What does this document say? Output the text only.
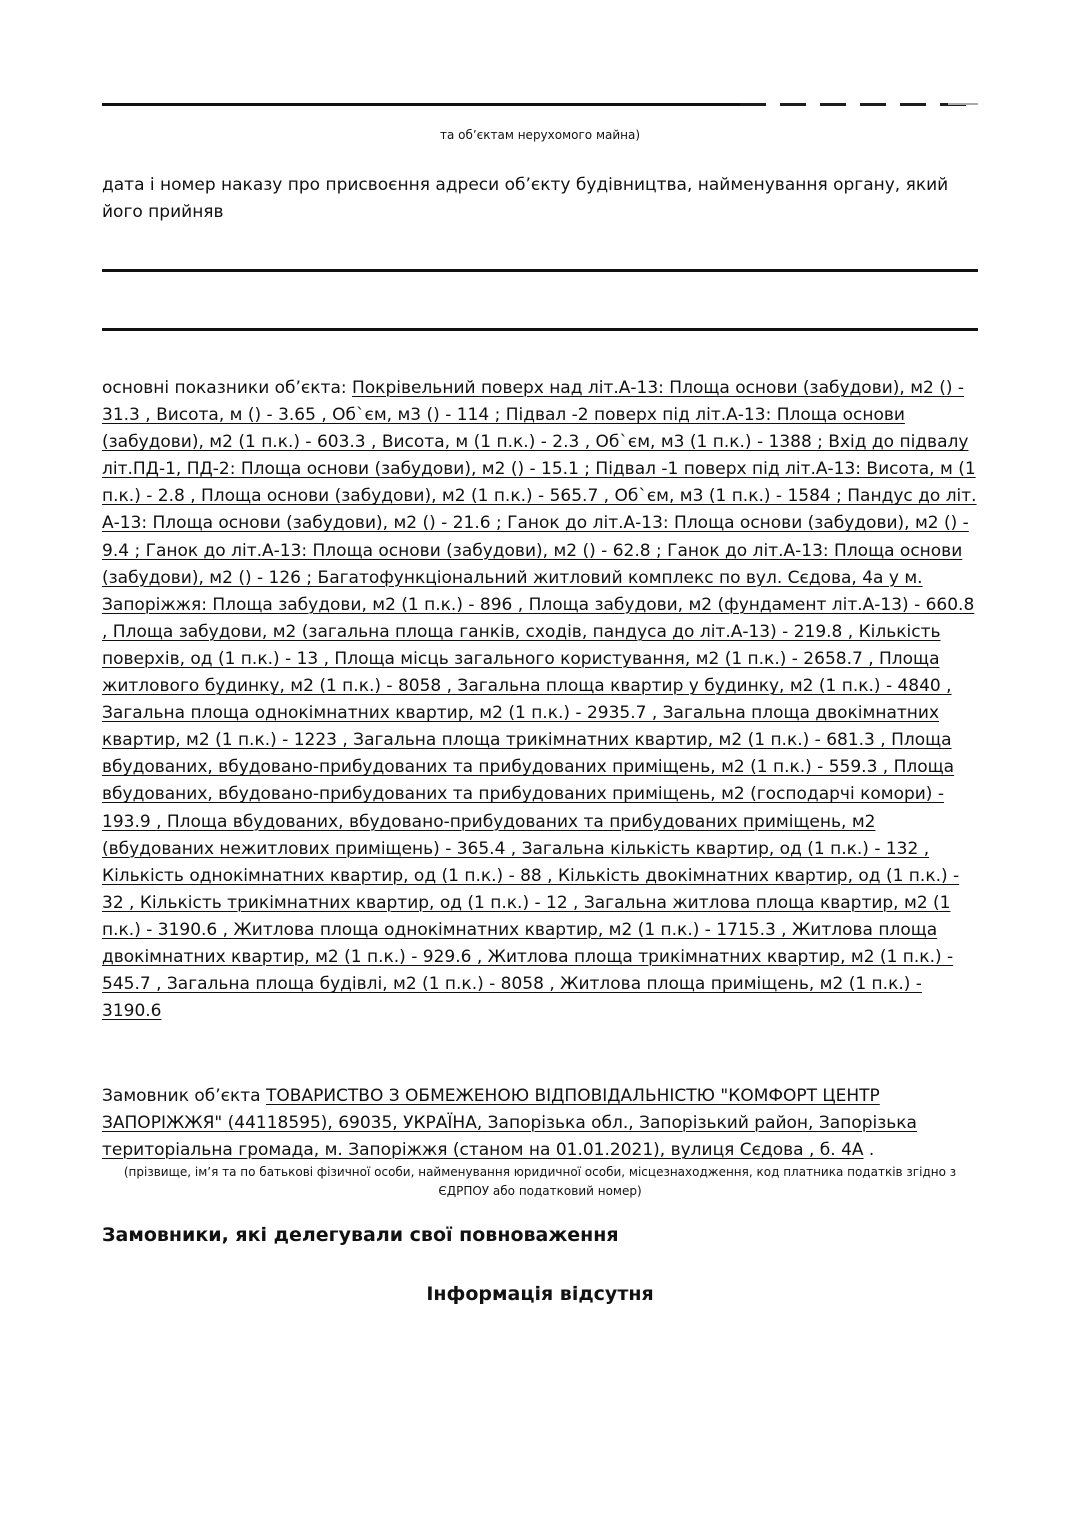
та об’єктам нерухомого майна)
дата і номер наказу про присвоєння адреси об’єкту будівництва, найменування органу, який його прийняв
основні показники об’єкта: Покрівельний поверх над літ.А-13: Площа основи (забудови), м2 () - 31.3 , Висота, м () - 3.65 , Об`єм, м3 () - 114 ; Підвал -2 поверх під літ.А-13: Площа основи (забудови), м2 (1 п.к.) - 603.3 , Висота, м (1 п.к.) - 2.3 , Об`єм, м3 (1 п.к.) - 1388 ; Вхід до підвалу літ.ПД-1, ПД-2: Площа основи (забудови), м2 () - 15.1 ; Підвал -1 поверх під літ.А-13: Висота, м (1 п.к.) - 2.8 , Площа основи (забудови), м2 (1 п.к.) - 565.7 , Об`єм, м3 (1 п.к.) - 1584 ; Пандус до літ. А-13: Площа основи (забудови), м2 () - 21.6 ; Ганок до літ.А-13: Площа основи (забудови), м2 () - 9.4 ; Ганок до літ.А-13: Площа основи (забудови), м2 () - 62.8 ; Ганок до літ.А-13: Площа основи (забудови), м2 () - 126 ; Багатофункціональний житловий комплекс по вул. Сєдова, 4а у м. Запоріжжя: Площа забудови, м2 (1 п.к.) - 896 , Площа забудови, м2 (фундамент літ.А-13) - 660.8 , Площа забудови, м2 (загальна площа ганків, сходів, пандуса до літ.А-13) - 219.8 , Кількість поверхів, од (1 п.к.) - 13 , Площа місць загального користування, м2 (1 п.к.) - 2658.7 , Площа житлового будинку, м2 (1 п.к.) - 8058 , Загальна площа квартир у будинку, м2 (1 п.к.) - 4840 , Загальна площа однокімнатних квартир, м2 (1 п.к.) - 2935.7 , Загальна площа двокімнатних квартир, м2 (1 п.к.) - 1223 , Загальна площа трикімнатних квартир, м2 (1 п.к.) - 681.3 , Площа вбудованих, вбудовано-прибудованих та прибудованих приміщень, м2 (1 п.к.) - 559.3 , Площа вбудованих, вбудовано-прибудованих та прибудованих приміщень, м2 (господарчі комори) - 193.9 , Площа вбудованих, вбудовано-прибудованих та прибудованих приміщень, м2 (вбудованих нежитлових приміщень) - 365.4 , Загальна кількість квартир, од (1 п.к.) - 132 , Кількість однокімнатних квартир, од (1 п.к.) - 88 , Кількість двокімнатних квартир, од (1 п.к.) - 32 , Кількість трикімнатних квартир, од (1 п.к.) - 12 , Загальна житлова площа квартир, м2 (1 п.к.) - 3190.6 , Житлова площа однокімнатних квартир, м2 (1 п.к.) - 1715.3 , Житлова площа двокімнатних квартир, м2 (1 п.к.) - 929.6 , Житлова площа трикімнатних квартир, м2 (1 п.к.) - 545.7 , Загальна площа будівлі, м2 (1 п.к.) - 8058 , Житлова площа приміщень, м2 (1 п.к.) - 3190.6
Замовник об’єкта ТОВАРИСТВО З ОБМЕЖЕНОЮ ВІДПОВІДАЛЬНІСТЮ "КОМФОРТ ЦЕНТР ЗАПОРІЖЖЯ" (44118595), 69035, УКРАЇНА, Запорізька обл., Запорізький район, Запорізька територіальна громада, м. Запоріжжя (станом на 01.01.2021), вулиця Сєдова , б. 4А .
(прізвище, ім’я та по батькові фізичної особи, найменування юридичної особи, місцезнаходження, код платника податків згідно з ЄДРПОУ або податковий номер)
Замовники, які делегували свої повноваження
Інформація відсутня
